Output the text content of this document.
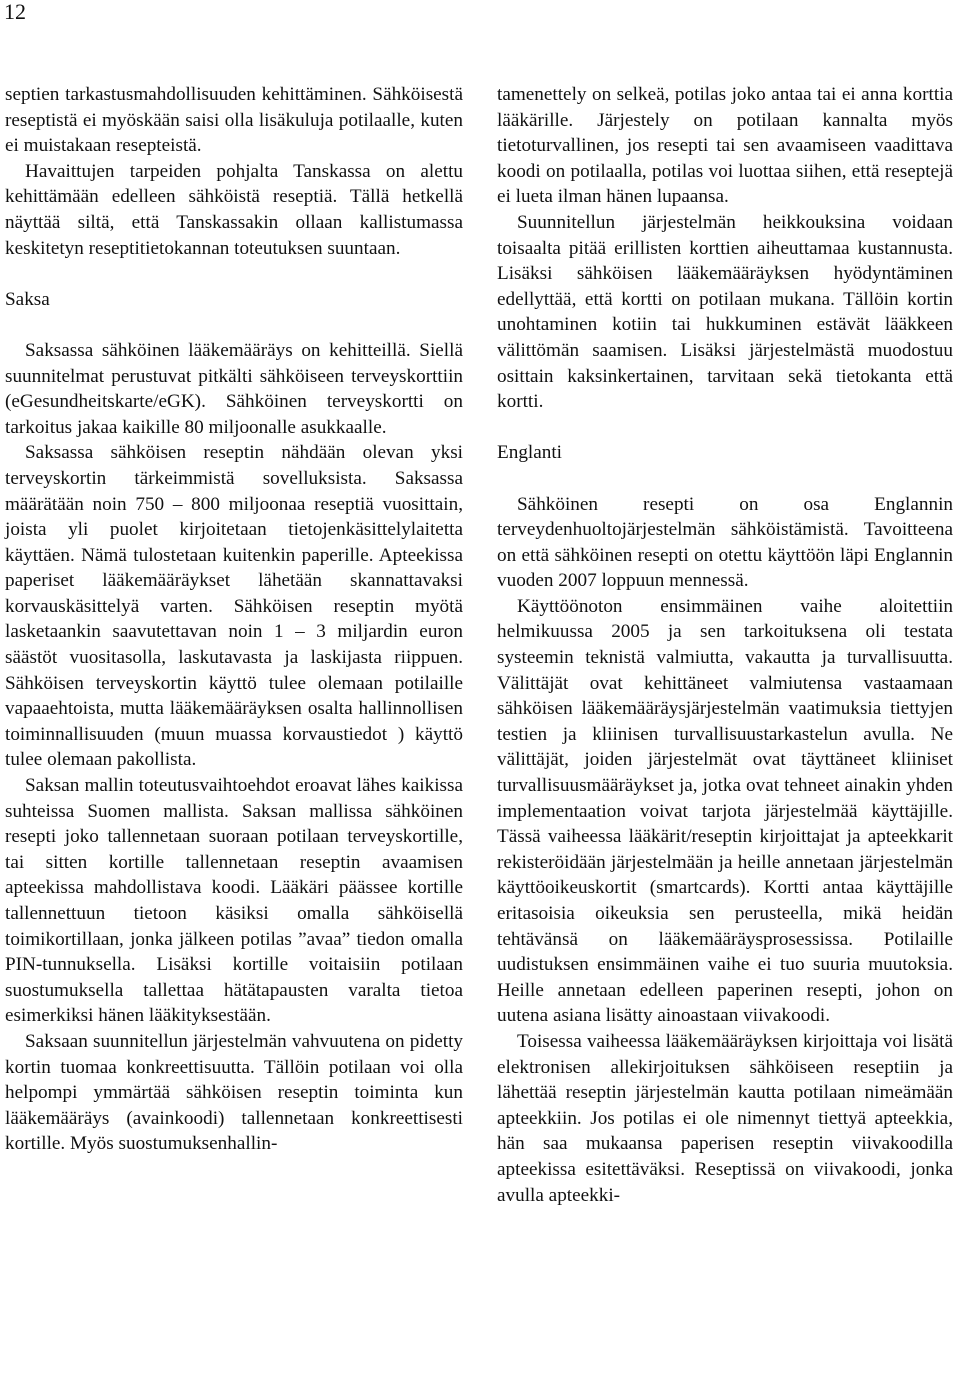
12

septien tarkastusmahdollisuuden kehittäminen. Sähköisestä reseptistä ei myöskään saisi olla lisäkuluja potilaalle, kuten ei muistakaan resepteistä.

Havaittujen tarpeiden pohjalta Tanskassa on alettu kehittämään edelleen sähköistä reseptiä. Tällä hetkellä näyttää siltä, että Tanskassakin ollaan kallistumassa keskitetyn reseptitietokannan toteutuksen suuntaan.

Saksa

Saksassa sähköinen lääkemääräys on kehitteillä. Siellä suunnitelmat perustuvat pitkälti sähköiseen terveyskorttiin (eGesundheitskarte/eGK). Sähköinen terveyskortti on tarkoitus jakaa kaikille 80 miljoonalle asukkaalle.

Saksassa sähköisen reseptin nähdään olevan yksi terveyskortin tärkeimmistä sovelluksista. Saksassa määrätään noin 750 – 800 miljoonaa reseptiä vuosittain, joista yli puolet kirjoitetaan tietojenkäsittelylaitetta käyttäen. Nämä tulostetaan kuitenkin paperille. Apteekissa paperiset lääkemääräykset lähetään skannattavaksi korvauskäsittelyä varten. Sähköisen reseptin myötä lasketaankin saavutettavan noin 1 – 3 miljardin euron säästöt vuositasolla, laskutavasta ja laskijasta riippuen. Sähköisen terveyskortin käyttö tulee olemaan potilaille vapaaehtoista, mutta lääkemääräyksen osalta hallinnollisen toiminnallisuuden (muun muassa korvaustiedot ) käyttö tulee olemaan pakollista.

Saksan mallin toteutusvaihtoehdot eroavat lähes kaikissa suhteissa Suomen mallista. Saksan mallissa sähköinen resepti joko tallennetaan suoraan potilaan terveyskortille, tai sitten kortille tallennetaan reseptin avaamisen apteekissa mahdollistava koodi. Lääkäri päässee kortille tallennettuun tietoon käsiksi omalla sähköisellä toimikortillaan, jonka jälkeen potilas ”avaa” tiedon omalla PIN-tunnuksella. Lisäksi kortille voitaisiin potilaan suostumuksella tallettaa hätätapausten varalta tietoa esimerkiksi hänen lääkityksestään.

Saksaan suunnitellun järjestelmän vahvuutena on pidetty kortin tuomaa konkreettisuutta. Tällöin potilaan voi olla helpompi ymmärtää sähköisen reseptin toiminta kun lääkemääräys (avainkoodi) tallennetaan konkreettisesti kortille. Myös suostumuksenhallin-

tamenettely on selkeä, potilas joko antaa tai ei anna korttia lääkärille. Järjestely on potilaan kannalta myös tietoturvallinen, jos resepti tai sen avaamiseen vaadittava koodi on potilaalla, potilas voi luottaa siihen, että reseptejä ei lueta ilman hänen lupaansa.

Suunnitellun järjestelmän heikkouksina voidaan toisaalta pitää erillisten korttien aiheuttamaa kustannusta. Lisäksi sähköisen lääkemääräyksen hyödyntäminen edellyttää, että kortti on potilaan mukana. Tällöin kortin unohtaminen kotiin tai hukkuminen estävät lääkkeen välittömän saamisen. Lisäksi järjestelmästä muodostuu osittain kaksinkertainen, tarvitaan sekä tietokanta että kortti.

Englanti

Sähköinen resepti on osa Englannin terveydenhuoltojärjestelmän sähköistämistä. Tavoitteena on että sähköinen resepti on otettu käyttöön läpi Englannin vuoden 2007 loppuun mennessä.

Käyttöönoton ensimmäinen vaihe aloitettiin helmikuussa 2005 ja sen tarkoituksena oli testata systeemin teknistä valmiutta, vakautta ja turvallisuutta. Välittäjät ovat kehittäneet valmiutensa vastaamaan sähköisen lääkemääräysjärjestelmän vaatimuksia tiettyjen testien ja kliinisen turvallisuustarkastelun avulla. Ne välittäjät, joiden järjestelmät ovat täyttäneet kliiniset turvallisuusmääräykset ja, jotka ovat tehneet ainakin yhden implementaation voivat tarjota järjestelmää käyttäjille. Tässä vaiheessa lääkärit/reseptin kirjoittajat ja apteekkarit rekisteröidään järjestelmään ja heille annetaan järjestelmän käyttöoikeuskortit (smartcards). Kortti antaa käyttäjille eritasoisia oikeuksia sen perusteella, mikä heidän tehtävänsä on lääkemääräysprosessissa. Potilaille uudistuksen ensimmäinen vaihe ei tuo suuria muutoksia. Heille annetaan edelleen paperinen resepti, johon on uutena asiana lisätty ainoastaan viivakoodi.

Toisessa vaiheessa lääkemääräyksen kirjoittaja voi lisätä elektronisen allekirjoituksen sähköiseen reseptiin ja lähettää reseptin järjestelmän kautta potilaan nimeämään apteekkiin. Jos potilas ei ole nimennyt tiettyä apteekkia, hän saa mukaansa paperisen reseptin viivakoodilla apteekissa esitettäväksi. Reseptissä on viivakoodi, jonka avulla apteekki-
